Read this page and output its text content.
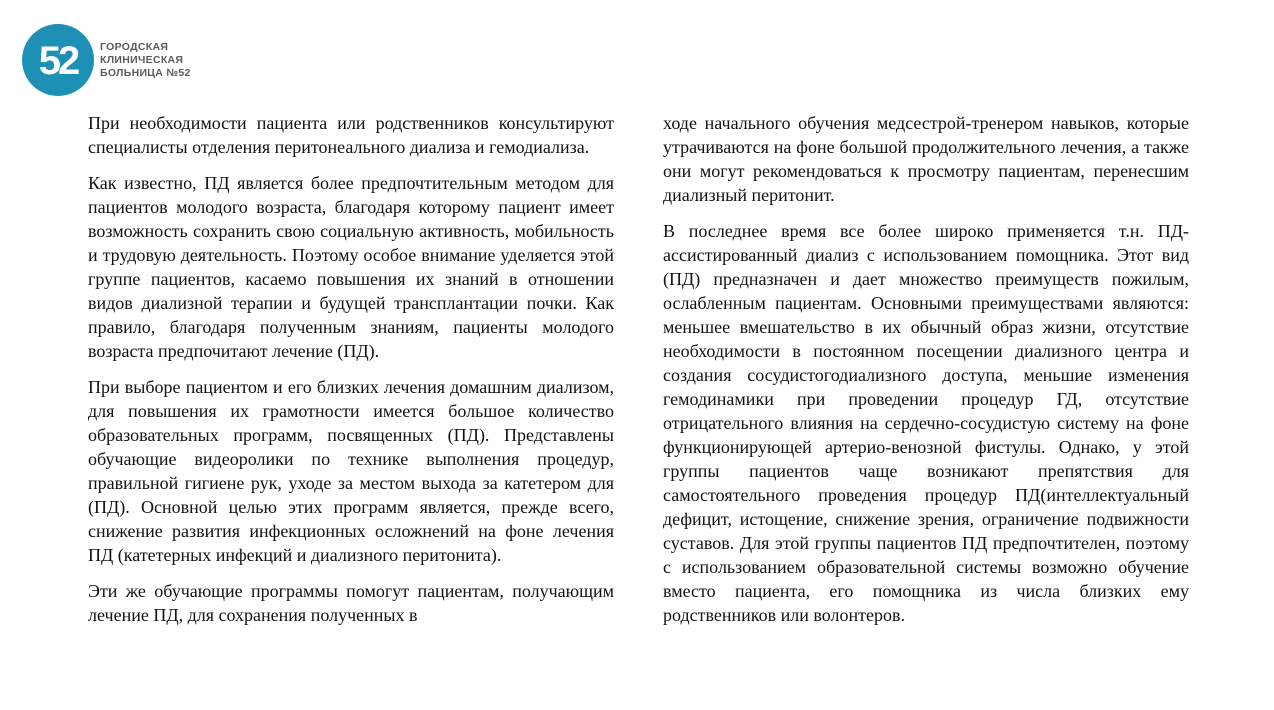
52 ГОРОДСКАЯ
КЛИНИЧЕСКАЯ
БОЛЬНИЦА №52

При необходимости пациента или родственников консультируют специалисты отделения перитонеального диализа и гемодиализа.

Как известно, ПД является более предпочтительным методом для пациентов молодого возраста, благодаря которому пациент имеет возможность сохранить свою социальную активность, мобильность и трудовую деятельность. Поэтому особое внимание уделяется этой группе пациентов, касаемо повышения их знаний в отношении видов диализной терапии и будущей трансплантации почки. Как правило, благодаря полученным знаниям, пациенты молодого возраста предпочитают лечение (ПД).

При выборе пациентом и его близких лечения домашним диализом, для повышения их грамотности имеется большое количество образовательных программ, посвященных (ПД). Представлены обучающие видеоролики по технике выполнения процедур, правильной гигиене рук, уходе за местом выхода за катетером для (ПД). Основной целью этих программ является, прежде всего, снижение развития инфекционных осложнений на фоне лечения ПД (катетерных инфекций и диализного перитонита).

Эти же обучающие программы помогут пациентам, получающим лечение ПД, для сохранения полученных в

ходе начального обучения медсестрой-тренером навыков, которые утрачиваются на фоне большой продолжительного лечения, а также они могут рекомендоваться к просмотру пациентам, перенесшим диализный перитонит.

В последнее время все более широко применяется т.н. ПД-ассистированный диализ с использованием помощника. Этот вид (ПД) предназначен и дает множество преимуществ пожилым, ослабленным пациентам. Основными преимуществами являются: меньшее вмешательство в их обычный образ жизни, отсутствие необходимости в постоянном посещении диализного центра и создания сосудистогодиализного доступа, меньшие изменения гемодинамики при проведении процедур ГД, отсутствие отрицательного влияния на сердечно-сосудистую систему на фоне функционирующей артерио-венозной фистулы. Однако, у этой группы пациентов чаще возникают препятствия для самостоятельного проведения процедур ПД(интеллектуальный дефицит, истощение, снижение зрения, ограничение подвижности суставов. Для этой группы пациентов ПД предпочтителен, поэтому с использованием образовательной системы возможно обучение вместо пациента, его помощника из числа близких ему родственников или волонтеров.
